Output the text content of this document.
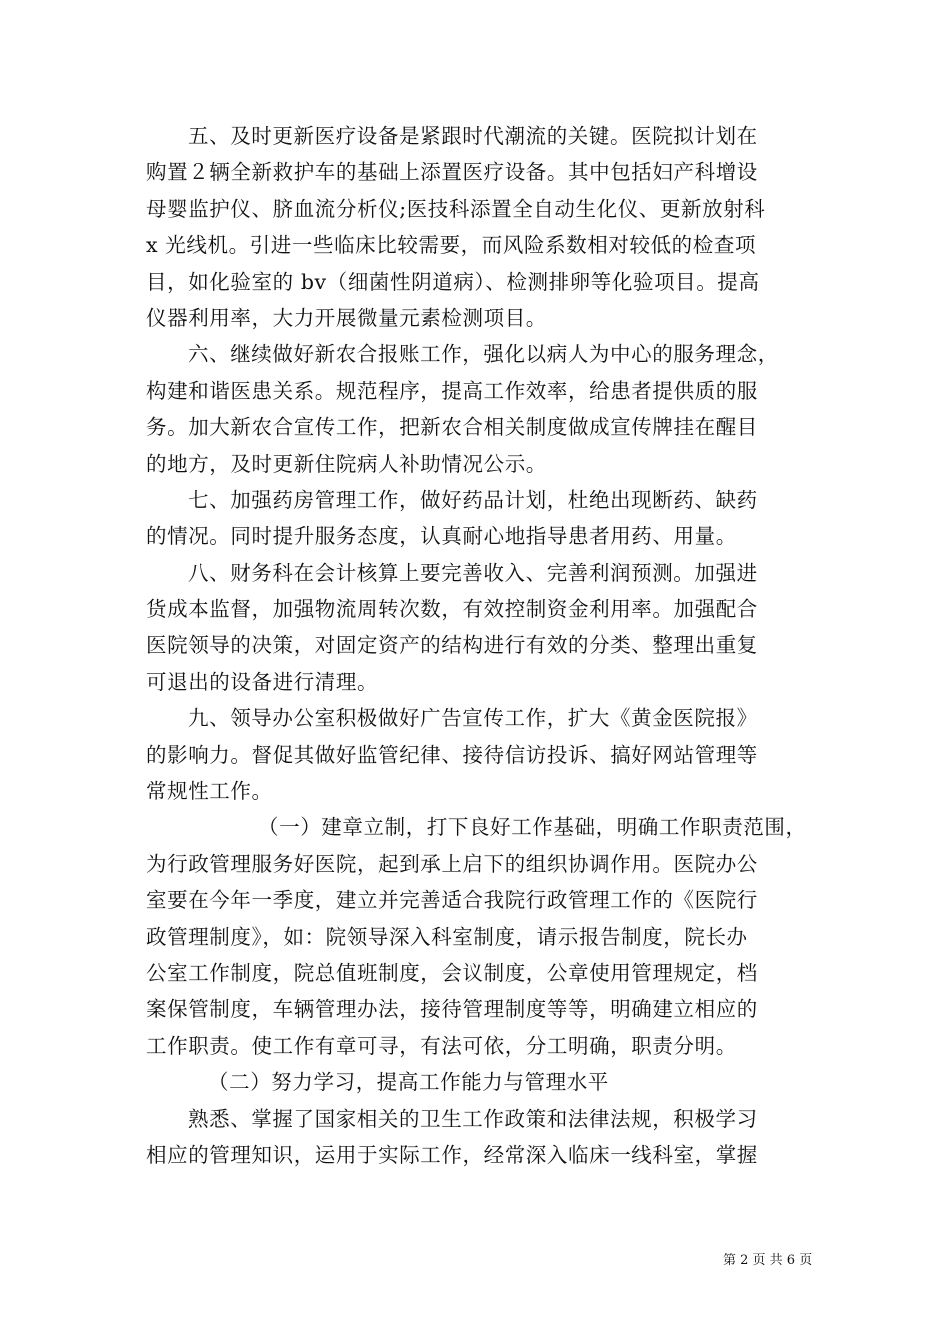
五、及时更新医疗设备是紧跟时代潮流的关键。医院拟计划在
购置２辆全新救护车的基础上添置医疗设备。其中包括妇产科增设
母婴监护仪、脐血流分析仪;医技科添置全自动生化仪、更新放射科
x 光线机。引进一些临床比较需要，而风险系数相对较低的检查项
目，如化验室的 bv（细菌性阴道病）、检测排卵等化验项目。提高
仪器利用率，大力开展微量元素检测项目。
六、继续做好新农合报账工作，强化以病人为中心的服务理念，
构建和谐医患关系。规范程序，提高工作效率，给患者提供质的服
务。加大新农合宣传工作，把新农合相关制度做成宣传牌挂在醒目
的地方，及时更新住院病人补助情况公示。
七、加强药房管理工作，做好药品计划，杜绝出现断药、缺药
的情况。同时提升服务态度，认真耐心地指导患者用药、用量。
八、财务科在会计核算上要完善收入、完善利润预测。加强进
货成本监督，加强物流周转次数，有效控制资金利用率。加强配合
医院领导的决策，对固定资产的结构进行有效的分类、整理出重复
可退出的设备进行清理。
九、领导办公室积极做好广告宣传工作，扩大《黄金医院报》
的影响力。督促其做好监管纪律、接待信访投诉、搞好网站管理等
常规性工作。
（一）建章立制，打下良好工作基础，明确工作职责范围，
为行政管理服务好医院，起到承上启下的组织协调作用。医院办公
室要在今年一季度，建立并完善适合我院行政管理工作的《医院行
政管理制度》，如：院领导深入科室制度，请示报告制度，院长办
公室工作制度，院总值班制度，会议制度，公章使用管理规定，档
案保管制度，车辆管理办法，接待管理制度等等，明确建立相应的
工作职责。使工作有章可寻，有法可依，分工明确，职责分明。
（二）努力学习，提高工作能力与管理水平
熟悉、掌握了国家相关的卫生工作政策和法律法规，积极学习
相应的管理知识，运用于实际工作，经常深入临床一线科室，掌握
第 2 页 共 6 页
